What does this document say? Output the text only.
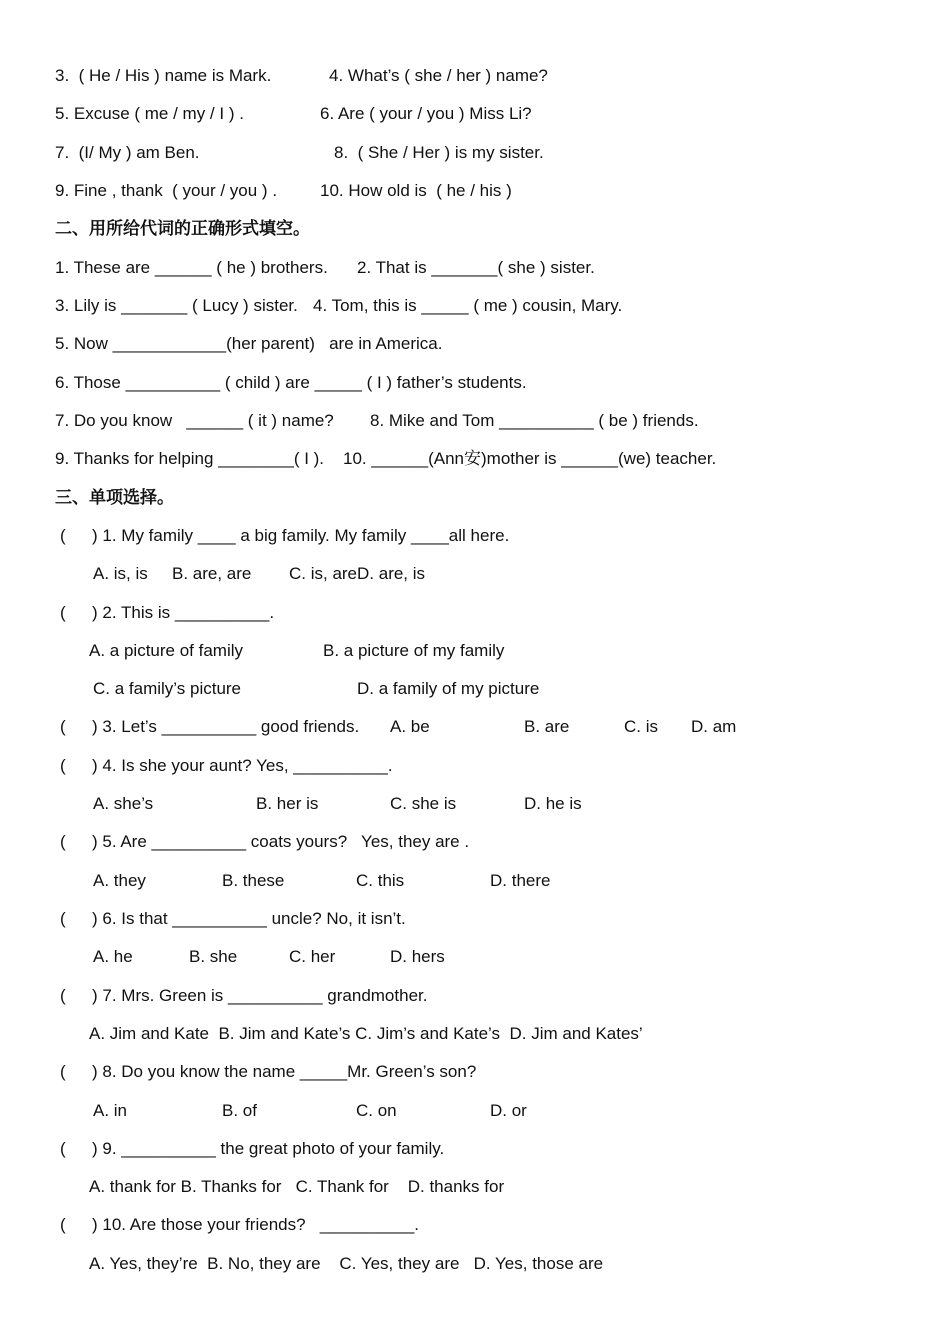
3.  ( He / His ) name is Mark.	4. What’s ( she / her ) name?
5. Excuse ( me / my / I ) .	6. Are ( your / you ) Miss Li?
7.  (I/ My ) am Ben.	8.  ( She / Her ) is my sister.
9. Fine , thank  ( your / you ) .	10. How old is  ( he / his )
二、用所给代词的正确形式填空。
1. These are ______ ( he ) brothers. 2. That is _______( she ) sister.
3. Lily is _______ ( Lucy ) sister. 4. Tom, this is _____ ( me ) cousin, Mary.
5. Now ____________(her parent)   are in America.
6. Those __________ ( child ) are _____ ( I ) father’s students.
7. Do you know   ______ ( it ) name? 8. Mike and Tom __________ ( be ) friends.
9. Thanks for helping ________( I ). 10. ______(Ann安)mother is ______(we) teacher.
三、单项选择。
( ) 1. My family ____ a big family. My family ____all here.
A. is, is B. are, are C. is, areD. are, is
( ) 2. This is __________.
A. a picture of family	B. a picture of my family
C. a family’s picture	D. a family of my picture
( ) 3. Let’s __________ good friends. A. be	B. are	C. is D. am
( ) 4. Is she your aunt? Yes, __________.
A. she’s	B. her is	C. she is	D. he is
( ) 5. Are __________ coats yours?   Yes, they are .
A. they	B. these	C. this	D. there
( ) 6. Is that __________ uncle? No, it isn’t.
A. he	B. she	C. her	D. hers
( ) 7. Mrs. Green is __________ grandmother.
A. Jim and Kate  B. Jim and Kate’s C. Jim’s and Kate’s  D. Jim and Kates’
( ) 8. Do you know the name _____Mr. Green’s son?
A. in	B. of	C. on	D. or
( ) 9. __________ the great photo of your family.
A. thank for B. Thanks for   C. Thank for    D. thanks for
( ) 10. Are those your friends?   __________.
A. Yes, they’re  B. No, they are    C. Yes, they are   D. Yes, those are
